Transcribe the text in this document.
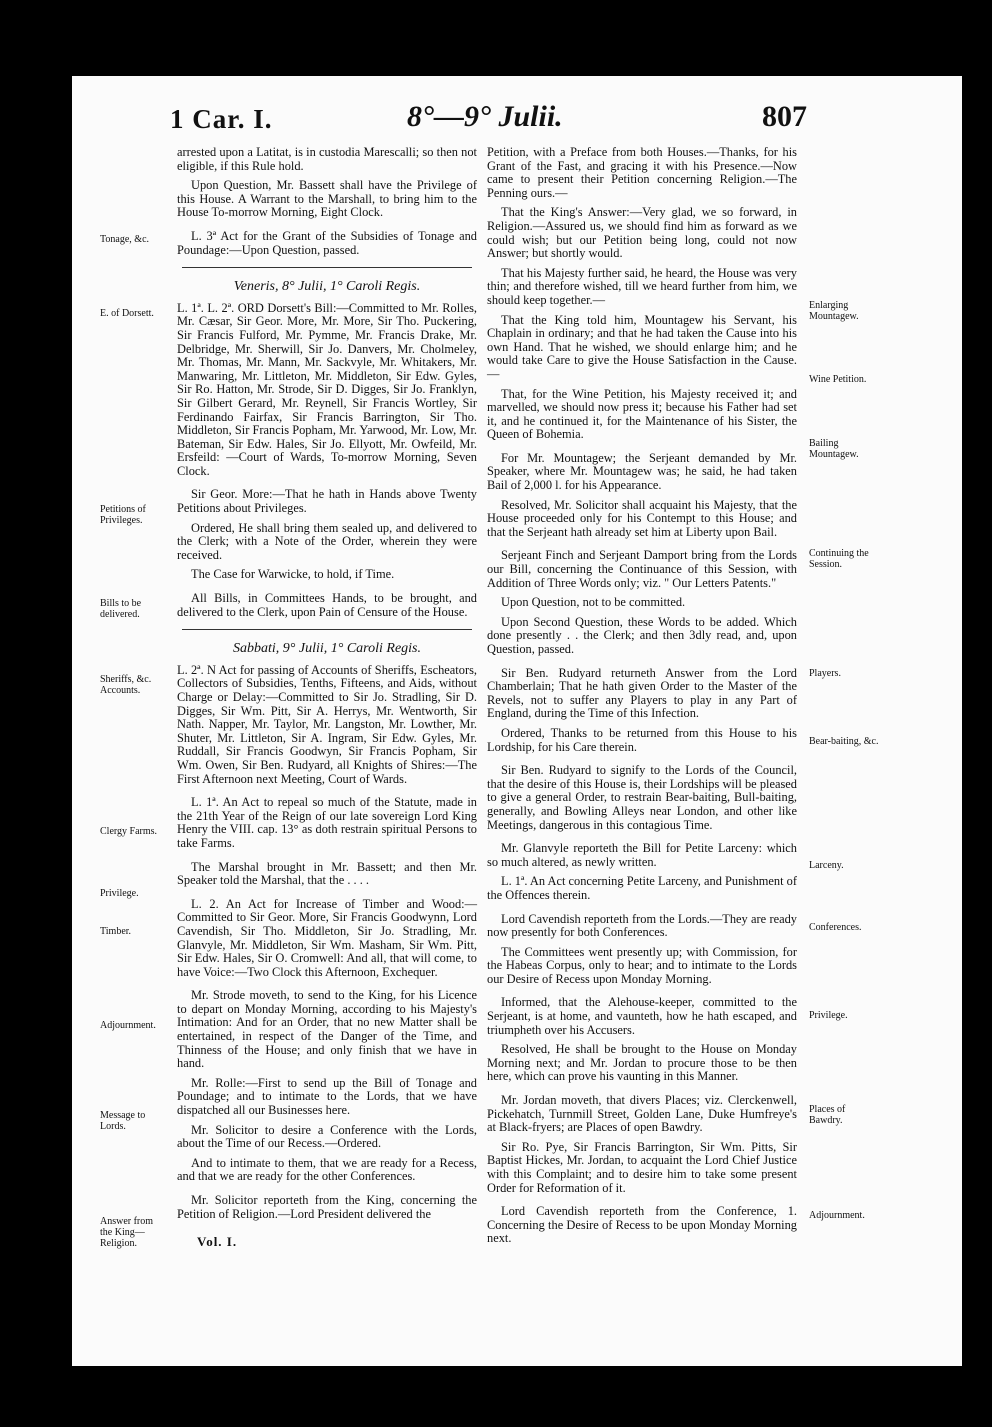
1 Car. I.	8°—9° Julii.	807

arrested upon a Latitat, is in custodia Marescalli; so then not eligible, if this Rule hold.

Upon Question, Mr. Bassett shall have the Privilege of this House. A Warrant to the Marshall, to bring him to the House To-morrow Morning, Eight Clock.

L. 3ª Act for the Grant of the Subsidies of Tonage and Poundage:—Upon Question, passed.

Veneris, 8° Julii, 1° Caroli Regis.

L. 1ª. L. 2ª. ORD Dorsett's Bill:—Committed to Mr. Rolles, Mr. Cæsar, Sir Geor. More, Mr. More, Sir Tho. Puckering, Sir Francis Fulford, Mr. Pymme, Mr. Francis Drake, Mr. Delbridge, Mr. Sherwill, Sir Jo. Danvers, Mr. Cholmeley, Mr. Thomas, Mr. Mann, Mr. Sackvyle, Mr. Whitakers, Mr. Manwaring, Mr. Littleton, Mr. Middleton, Sir Edw. Gyles, Sir Ro. Hatton, Mr. Strode, Sir D. Digges, Sir Jo. Franklyn, Sir Gilbert Gerard, Mr. Reynell, Sir Francis Wortley, Sir Ferdinando Fairfax, Sir Francis Barrington, Sir Tho. Middleton, Sir Francis Popham, Mr. Yarwood, Mr. Low, Mr. Bateman, Sir Edw. Hales, Sir Jo. Ellyott, Mr. Owfeild, Mr. Ersfeild: —Court of Wards, To-morrow Morning, Seven Clock.

Sir Geor. More:—That he hath in Hands above Twenty Petitions about Privileges.

Ordered, He shall bring them sealed up, and delivered to the Clerk; with a Note of the Order, wherein they were received.

The Case for Warwicke, to hold, if Time.

All Bills, in Committees Hands, to be brought, and delivered to the Clerk, upon Pain of Censure of the House.

Sabbati, 9° Julii, 1° Caroli Regis.

L. 2ª. N Act for passing of Accounts of Sheriffs, Escheators, Collectors of Subsidies, Tenths, Fifteens, and Aids, without Charge or Delay:—Committed to Sir Jo. Stradling, Sir D. Digges, Sir Wm. Pitt, Sir A. Herrys, Mr. Wentworth, Sir Nath. Napper, Mr. Taylor, Mr. Langston, Mr. Lowther, Mr. Shuter, Mr. Littleton, Sir A. Ingram, Sir Edw. Gyles, Mr. Ruddall, Sir Francis Goodwyn, Sir Francis Popham, Sir Wm. Owen, Sir Ben. Rudyard, all Knights of Shires:—The First Afternoon next Meeting, Court of Wards.

L. 1ª. An Act to repeal so much of the Statute, made in the 21th Year of the Reign of our late sovereign Lord King Henry the VIII. cap. 13° as doth restrain spiritual Persons to take Farms.

The Marshal brought in Mr. Bassett; and then Mr. Speaker told the Marshal, that the . . . .

L. 2. An Act for Increase of Timber and Wood:—Committed to Sir Geor. More, Sir Francis Goodwynn, Lord Cavendish, Sir Tho. Middleton, Sir Jo. Stradling, Mr. Glanvyle, Mr. Middleton, Sir Wm. Masham, Sir Wm. Pitt, Sir Edw. Hales, Sir O. Cromwell: And all, that will come, to have Voice:—Two Clock this Afternoon, Exchequer.

Mr. Strode moveth, to send to the King, for his Licence to depart on Monday Morning, according to his Majesty's Intimation: And for an Order, that no new Matter shall be entertained, in respect of the Danger of the Time, and Thinness of the House; and only finish that we have in hand.

Mr. Rolle:—First to send up the Bill of Tonage and Poundage; and to intimate to the Lords, that we have dispatched all our Businesses here.

Mr. Solicitor to desire a Conference with the Lords, about the Time of our Recess.—Ordered.

And to intimate to them, that we are ready for a Recess, and that we are ready for the other Conferences.

Mr. Solicitor reporteth from the King, concerning the Petition of Religion.—Lord President delivered the

Petition, with a Preface from both Houses.—Thanks, for his Grant of the Fast, and gracing it with his Presence.—Now came to present their Petition concerning Religion.—The Penning ours.—

That the King's Answer:—Very glad, we so forward, in Religion.—Assured us, we should find him as forward as we could wish; but our Petition being long, could not now Answer; but shortly would.

That his Majesty further said, he heard, the House was very thin; and therefore wished, till we heard further from him, we should keep together.—

That the King told him, Mountagew his Servant, his Chaplain in ordinary; and that he had taken the Cause into his own Hand. That he wished, we should enlarge him; and he would take Care to give the House Satisfaction in the Cause.—

That, for the Wine Petition, his Majesty received it; and marvelled, we should now press it; because his Father had set it, and he continued it, for the Maintenance of his Sister, the Queen of Bohemia.

For Mr. Mountagew; the Serjeant demanded by Mr. Speaker, where Mr. Mountagew was; he said, he had taken Bail of 2,000 l. for his Appearance.

Resolved, Mr. Solicitor shall acquaint his Majesty, that the House proceeded only for his Contempt to this House; and that the Serjeant hath already set him at Liberty upon Bail.

Serjeant Finch and Serjeant Damport bring from the Lords our Bill, concerning the Continuance of this Session, with Addition of Three Words only; viz. " Our Letters Patents."

Upon Question, not to be committed.

Upon Second Question, these Words to be added. Which done presently . . the Clerk; and then 3dly read, and, upon Question, passed.

Sir Ben. Rudyard returneth Answer from the Lord Chamberlain; That he hath given Order to the Master of the Revels, not to suffer any Players to play in any Part of England, during the Time of this Infection.

Ordered, Thanks to be returned from this House to his Lordship, for his Care therein.

Sir Ben. Rudyard to signify to the Lords of the Council, that the desire of this House is, their Lordships will be pleased to give a general Order, to restrain Bear-baiting, Bull-baiting, generally, and Bowling Alleys near London, and other like Meetings, dangerous in this contagious Time.

Mr. Glanvyle reporteth the Bill for Petite Larceny: which so much altered, as newly written.

L. 1ª. An Act concerning Petite Larceny, and Punishment of the Offences therein.

Lord Cavendish reporteth from the Lords.—They are ready now presently for both Conferences.

The Committees went presently up; with Commission, for the Habeas Corpus, only to hear; and to intimate to the Lords our Desire of Recess upon Monday Morning.

Informed, that the Alehouse-keeper, committed to the Serjeant, is at home, and vaunteth, how he hath escaped, and triumpheth over his Accusers.

Resolved, He shall be brought to the House on Monday Morning next; and Mr. Jordan to procure those to be then here, which can prove his vaunting in this Manner.

Mr. Jordan moveth, that divers Places; viz. Clerckenwell, Pickehatch, Turnmill Street, Golden Lane, Duke Humfreye's at Black-fryers; are Places of open Bawdry.

Sir Ro. Pye, Sir Francis Barrington, Sir Wm. Pitts, Sir Baptist Hickes, Mr. Jordan, to acquaint the Lord Chief Justice with this Complaint; and to desire him to take some present Order for Reformation of it.

Lord Cavendish reporteth from the Conference, 1. Concerning the Desire of Recess to be upon Monday Morning next.

Tonage, &c.
E. of Dorsett.
Petitions of Privileges.
Bills to be delivered.
Sheriffs, &c. Accounts.
Clergy Farms.
Privilege.
Timber.
Adjournment.
Message to Lords.
Answer from the King—Religion.
Enlarging Mountagew.
Wine Petition.
Bailing Mountagew.
Continuing the Session.
Players.
Bear-baiting, &c.
Larceny.
Conferences.
Privilege.
Places of Bawdry.
Adjournment.
Vol. I.
